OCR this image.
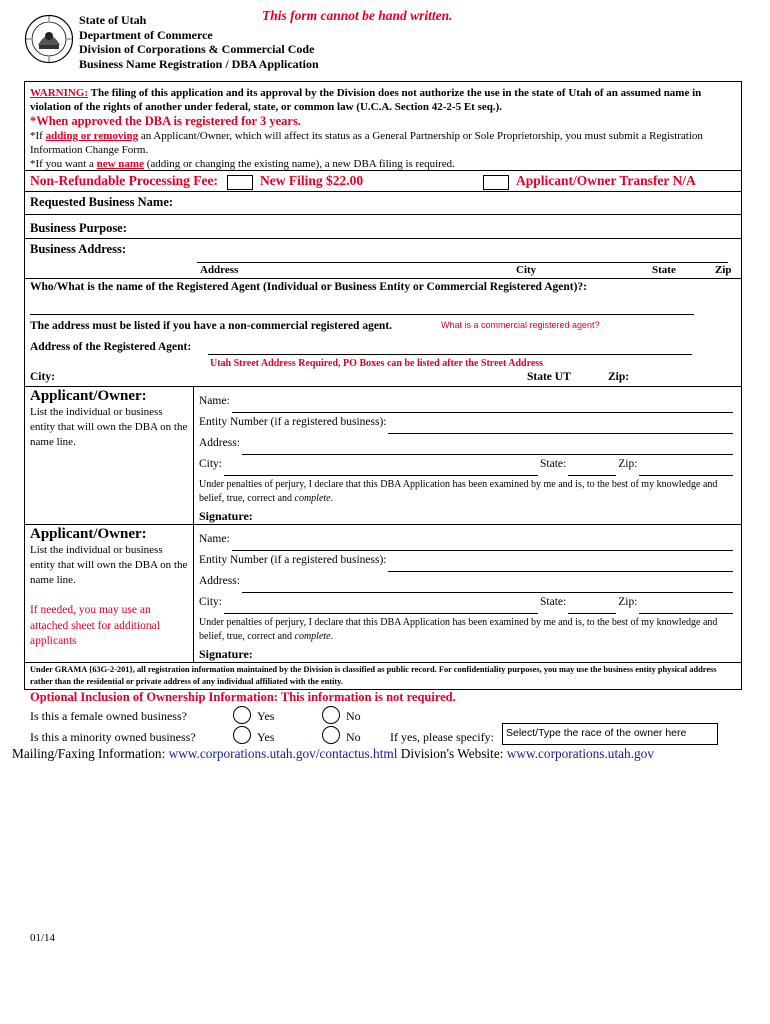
State of Utah
Department of Commerce
Division of Corporations & Commercial Code
Business Name Registration / DBA Application
This form cannot be hand written.
WARNING: The filing of this application and its approval by the Division does not authorize the use in the state of Utah of an assumed name in violation of the rights of another under federal, state, or common law (U.C.A. Section 42-2-5 Et seq.).
*When approved the DBA is registered for 3 years.
*If adding or removing an Applicant/Owner, which will affect its status as a General Partnership or Sole Proprietorship, you must submit a Registration Information Change Form.
*If you want a new name (adding or changing the existing name), a new DBA filing is required.
Non-Refundable Processing Fee:	New Filing $22.00	Applicant/Owner Transfer N/A
Requested Business Name:
Business Purpose:
Business Address:
Address	City	State	Zip
Who/What is the name of the Registered Agent (Individual or Business Entity or Commercial Registered Agent)?:
The address must be listed if you have a non-commercial registered agent.	What is a commercial registered agent?
Address of the Registered Agent:
Utah Street Address Required, PO Boxes can be listed after the Street Address
City:	State UT	Zip:
Applicant/Owner:
List the individual or business entity that will own the DBA on the name line.
Name:
Entity Number (if a registered business):
Address:
City:	State:	Zip:
Under penalties of perjury, I declare that this DBA Application has been examined by me and is, to the best of my knowledge and belief, true, correct and complete.
Signature:
Applicant/Owner:
List the individual or business entity that will own the DBA on the name line.
If needed, you may use an attached sheet for additional applicants
Name:
Entity Number (if a registered business):
Address:
City:	State:	Zip:
Under penalties of perjury, I declare that this DBA Application has been examined by me and is, to the best of my knowledge and belief, true, correct and complete.
Signature:
Under GRAMA {63G-2-201}, all registration information maintained by the Division is classified as public record. For confidentiality purposes, you may use the business entity physical address rather than the residential or private address of any individual affiliated with the entity.
Optional Inclusion of Ownership Information: This information is not required.
Is this a female owned business?	Yes	No
Is this a minority owned business?	Yes	No If yes, please specify: Select/Type the race of the owner here
Mailing/Faxing Information: www.corporations.utah.gov/contactus.html Division's Website: www.corporations.utah.gov
01/14
